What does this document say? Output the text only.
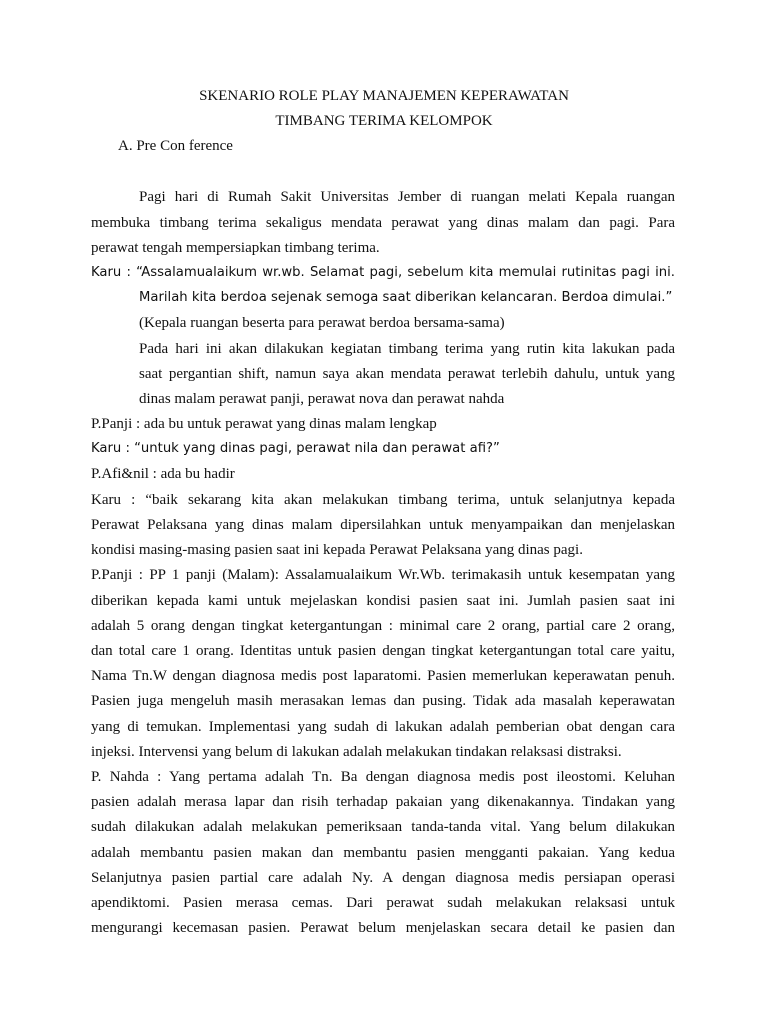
SKENARIO ROLE PLAY MANAJEMEN KEPERAWATAN
TIMBANG TERIMA KELOMPOK
A. Pre Con ference
Pagi hari di Rumah Sakit Universitas Jember di ruangan melati Kepala ruangan
membuka timbang terima sekaligus mendata perawat yang dinas malam dan pagi. Para
perawat tengah mempersiapkan timbang terima.
Karu : “Assalamualaikum wr.wb. Selamat pagi, sebelum kita memulai rutinitas pagi ini.
Marilah kita berdoa sejenak semoga saat diberikan kelancaran. Berdoa dimulai.”
(Kepala ruangan beserta para perawat berdoa bersama-sama)
Pada hari ini akan dilakukan kegiatan timbang terima yang rutin kita lakukan pada
saat pergantian shift, namun saya akan mendata perawat terlebih dahulu, untuk yang
dinas malam perawat panji, perawat nova dan perawat nahda
P.Panji : ada bu untuk perawat yang dinas malam lengkap
Karu : “untuk yang dinas pagi, perawat nila dan perawat afi?”
P.Afi&nil : ada bu hadir
Karu : “baik sekarang kita akan melakukan timbang terima, untuk selanjutnya kepada
Perawat Pelaksana yang dinas malam dipersilahkan untuk menyampaikan dan menjelaskan
kondisi masing-masing pasien saat ini kepada Perawat Pelaksana yang dinas pagi.
P.Panji : PP 1 panji (Malam): Assalamualaikum Wr.Wb. terimakasih untuk kesempatan yang
diberikan kepada kami untuk mejelaskan kondisi pasien saat ini. Jumlah pasien saat ini
adalah 5 orang dengan tingkat ketergantungan : minimal care 2 orang, partial care 2 orang,
dan total care 1 orang. Identitas untuk pasien dengan tingkat ketergantungan total care yaitu,
Nama Tn.W dengan diagnosa medis post laparatomi. Pasien memerlukan keperawatan penuh.
Pasien juga mengeluh masih merasakan lemas dan pusing. Tidak ada masalah keperawatan
yang di temukan. Implementasi yang sudah di lakukan adalah pemberian obat dengan cara
injeksi. Intervensi yang belum di lakukan adalah melakukan tindakan relaksasi distraksi.
P. Nahda : Yang pertama adalah Tn. Ba dengan diagnosa medis post ileostomi. Keluhan
pasien adalah merasa lapar dan risih terhadap pakaian yang dikenakannya. Tindakan yang
sudah dilakukan adalah melakukan pemeriksaan tanda-tanda vital. Yang belum dilakukan
adalah membantu pasien makan dan membantu pasien mengganti pakaian. Yang kedua
Selanjutnya pasien partial care adalah Ny. A dengan diagnosa medis persiapan operasi
apendiktomi. Pasien merasa cemas. Dari perawat sudah melakukan relaksasi untuk
mengurangi kecemasan pasien. Perawat belum menjelaskan secara detail ke pasien dan
